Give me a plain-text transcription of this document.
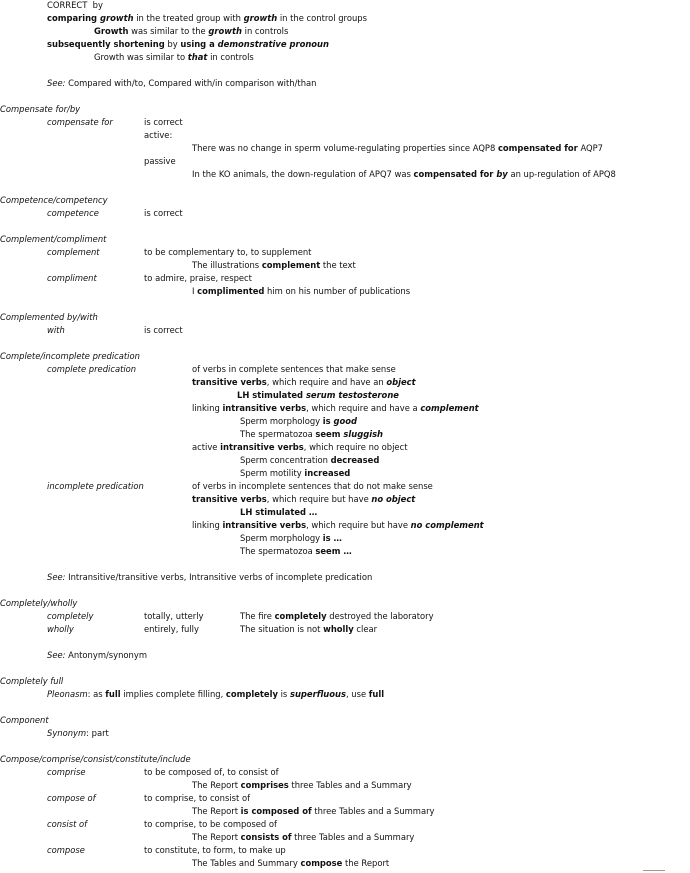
CORRECT  by
comparing growth in the treated group with growth in the control groups
Growth was similar to the growth in controls
subsequently shortening by using a demonstrative pronoun
Growth was similar to that in controls
See: Compared with/to, Compared with/in comparison with/than
Compensate for/by
compensate for	is correct
active:
There was no change in sperm volume-regulating properties since AQP8 compensated for AQP7
passive
In the KO animals, the down-regulation of APQ7 was compensated for by an up-regulation of APQ8
Competence/competency
competence	is correct
Complement/compliment
complement	to be complementary to, to supplement
The illustrations complement the text
compliment	to admire, praise, respect
I complimented him on his number of publications
Complemented by/with
with	is correct
Complete/incomplete predication
complete predication	of verbs in complete sentences that make sense
transitive verbs, which require and have an object
LH stimulated serum testosterone
linking intransitive verbs, which require and have a complement
Sperm morphology is good
The spermatozoa seem sluggish
active intransitive verbs, which require no object
Sperm concentration decreased
Sperm motility increased
incomplete predication	of verbs in incomplete sentences that do not make sense
transitive verbs, which require but have no object
LH stimulated …
linking intransitive verbs, which require but have no complement
Sperm morphology is …
The spermatozoa seem …
See: Intransitive/transitive verbs, Intransitive verbs of incomplete predication
Completely/wholly
completely	totally, utterly	The fire completely destroyed the laboratory
wholly	entirely, fully	The situation is not wholly clear
See: Antonym/synonym
Completely full
Pleonasm: as full implies complete filling, completely is superfluous, use full
Component
Synonym: part
Compose/comprise/consist/constitute/include
comprise	to be composed of, to consist of
The Report comprises three Tables and a Summary
compose of	to comprise, to consist of
The Report is composed of three Tables and a Summary
consist of	to comprise, to be composed of
The Report consists of three Tables and a Summary
compose	to constitute, to form, to make up
The Tables and Summary compose the Report
